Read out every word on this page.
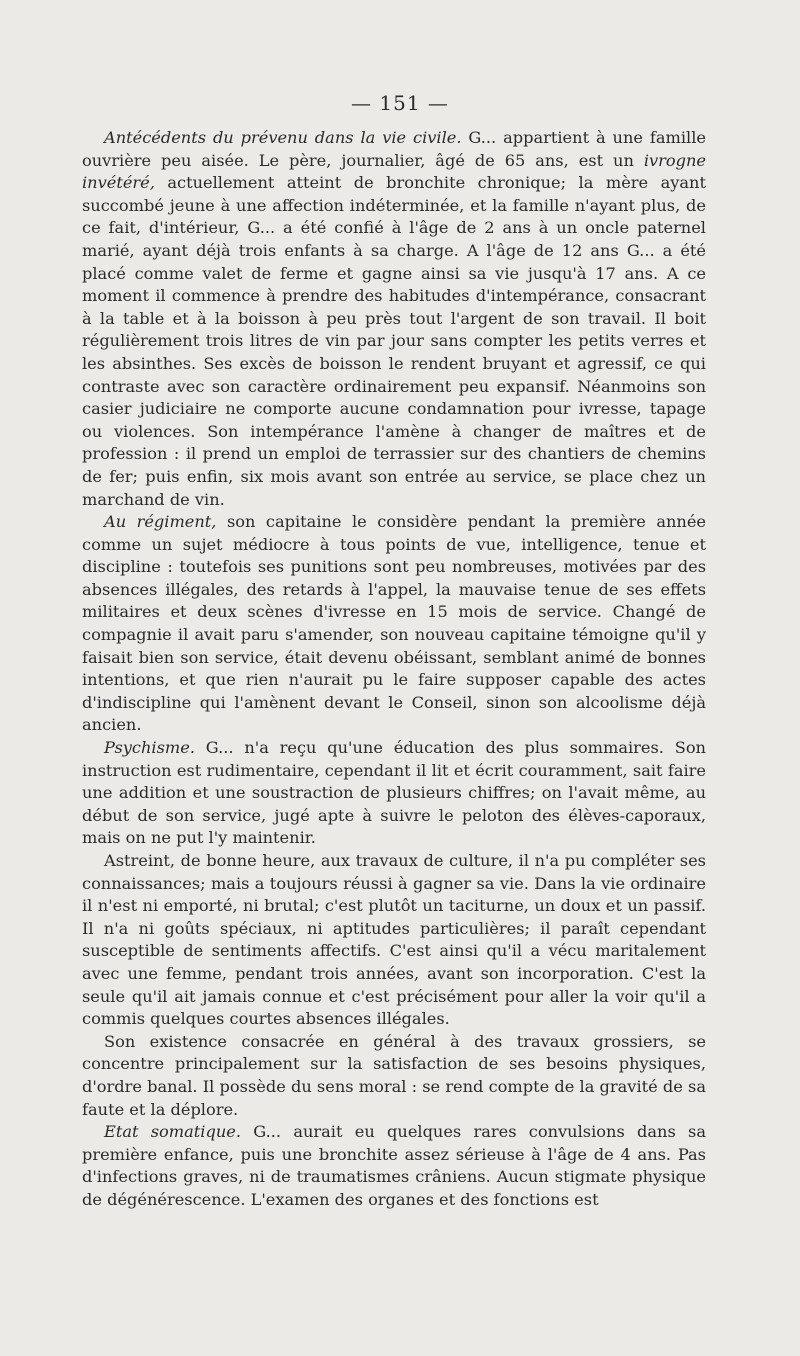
— 151 —

Antécédents du prévenu dans la vie civile. G... appartient à une famille ouvrière peu aisée. Le père, journalier, âgé de 65 ans, est un ivrogne invétéré, actuellement atteint de bronchite chronique; la mère ayant succombé jeune à une affection indéterminée, et la famille n'ayant plus, de ce fait, d'intérieur, G... a été confié à l'âge de 2 ans à un oncle paternel marié, ayant déjà trois enfants à sa charge. A l'âge de 12 ans G... a été placé comme valet de ferme et gagne ainsi sa vie jusqu'à 17 ans. A ce moment il commence à prendre des habitudes d'intempérance, consacrant à la table et à la boisson à peu près tout l'argent de son travail. Il boit régulièrement trois litres de vin par jour sans compter les petits verres et les absinthes. Ses excès de boisson le rendent bruyant et agressif, ce qui contraste avec son caractère ordinairement peu expansif. Néanmoins son casier judiciaire ne comporte aucune condamnation pour ivresse, tapage ou violences. Son intempérance l'amène à changer de maîtres et de profession : il prend un emploi de terrassier sur des chantiers de chemins de fer; puis enfin, six mois avant son entrée au service, se place chez un marchand de vin.

Au régiment, son capitaine le considère pendant la première année comme un sujet médiocre à tous points de vue, intelligence, tenue et discipline : toutefois ses punitions sont peu nombreuses, motivées par des absences illégales, des retards à l'appel, la mauvaise tenue de ses effets militaires et deux scènes d'ivresse en 15 mois de service. Changé de compagnie il avait paru s'amender, son nouveau capitaine témoigne qu'il y faisait bien son service, était devenu obéissant, semblant animé de bonnes intentions, et que rien n'aurait pu le faire supposer capable des actes d'indiscipline qui l'amènent devant le Conseil, sinon son alcoolisme déjà ancien.

Psychisme. G... n'a reçu qu'une éducation des plus sommaires. Son instruction est rudimentaire, cependant il lit et écrit couramment, sait faire une addition et une soustraction de plusieurs chiffres; on l'avait même, au début de son service, jugé apte à suivre le peloton des élèves-caporaux, mais on ne put l'y maintenir.

Astreint, de bonne heure, aux travaux de culture, il n'a pu compléter ses connaissances; mais a toujours réussi à gagner sa vie. Dans la vie ordinaire il n'est ni emporté, ni brutal; c'est plutôt un taciturne, un doux et un passif. Il n'a ni goûts spéciaux, ni aptitudes particulières; il paraît cependant susceptible de sentiments affectifs. C'est ainsi qu'il a vécu maritalement avec une femme, pendant trois années, avant son incorporation. C'est la seule qu'il ait jamais connue et c'est précisément pour aller la voir qu'il a commis quelques courtes absences illégales.

Son existence consacrée en général à des travaux grossiers, se concentre principalement sur la satisfaction de ses besoins physiques, d'ordre banal. Il possède du sens moral : se rend compte de la gravité de sa faute et la déplore.

Etat somatique. G... aurait eu quelques rares convulsions dans sa première enfance, puis une bronchite assez sérieuse à l'âge de 4 ans. Pas d'infections graves, ni de traumatismes crâniens. Aucun stigmate physique de dégénérescence. L'examen des organes et des fonctions est
